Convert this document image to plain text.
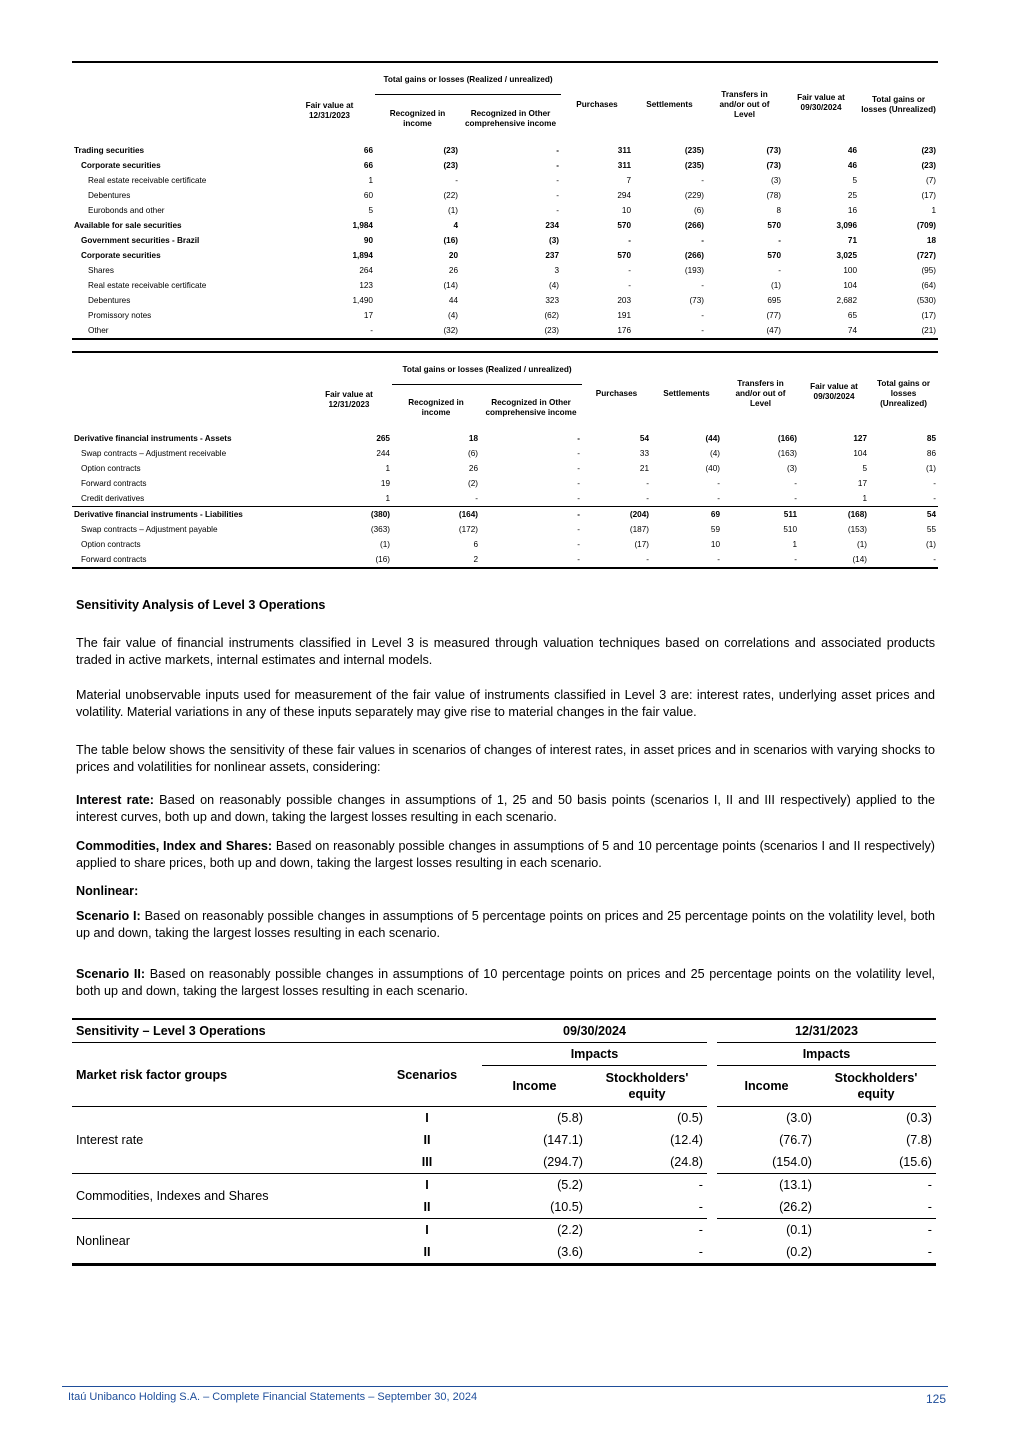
	Fair value at 12/31/2023	Total gains or losses (Realized / unrealized)		Purchases	Settlements	Transfers in and/or out of Level	Fair value at 09/30/2024	Total gains or losses (Unrealized)
		Recognized in income	Recognized in Other comprehensive income					
Trading securities	66	(23)	-	311	(235)	(73)	46	(23)
Corporate securities	66	(23)	-	311	(235)	(73)	46	(23)
Real estate receivable certificate	1	-	-	7	-	(3)	5	(7)
Debentures	60	(22)	-	294	(229)	(78)	25	(17)
Eurobonds and other	5	(1)	-	10	(6)	8	16	1
Available for sale securities	1,984	4	234	570	(266)	570	3,096	(709)
Government securities - Brazil	90	(16)	(3)	-	-	-	71	18
Corporate securities	1,894	20	237	570	(266)	570	3,025	(727)
Shares	264	26	3	-	(193)	-	100	(95)
Real estate receivable certificate	123	(14)	(4)	-	-	(1)	104	(64)
Debentures	1,490	44	323	203	(73)	695	2,682	(530)
Promissory notes	17	(4)	(62)	191	-	(77)	65	(17)
Other	-	(32)	(23)	176	-	(47)	74	(21)
	Fair value at 12/31/2023	Total gains or losses (Realized / unrealized)		Purchases	Settlements	Transfers in and/or out of Level	Fair value at 09/30/2024	Total gains or losses (Unrealized)
		Recognized in income	Recognized in Other comprehensive income					
Derivative financial instruments - Assets	265	18	-	54	(44)	(166)	127	85
Swap contracts – Adjustment receivable	244	(6)	-	33	(4)	(163)	104	86
Option contracts	1	26	-	21	(40)	(3)	5	(1)
Forward contracts	19	(2)	-	-	-	-	17	-
Credit derivatives	1	-	-	-	-	-	1	-
Derivative financial instruments - Liabilities	(380)	(164)	-	(204)	69	511	(168)	54
Swap contracts – Adjustment payable	(363)	(172)	-	(187)	59	510	(153)	55
Option contracts	(1)	6	-	(17)	10	1	(1)	(1)
Forward contracts	(16)	2	-	-	-	-	(14)	-

Sensitivity Analysis of Level 3 Operations

The fair value of financial instruments classified in Level 3 is measured through valuation techniques based on correlations and associated products traded in active markets, internal estimates and internal models.

Material unobservable inputs used for measurement of the fair value of instruments classified in Level 3 are: interest rates, underlying asset prices and volatility. Material variations in any of these inputs separately may give rise to material changes in the fair value.

The table below shows the sensitivity of these fair values in scenarios of changes of interest rates, in asset prices and in scenarios with varying shocks to prices and volatilities for nonlinear assets, considering:

Interest rate: Based on reasonably possible changes in assumptions of 1, 25 and 50 basis points (scenarios I, II and III respectively) applied to the interest curves, both up and down, taking the largest losses resulting in each scenario.

Commodities, Index and Shares: Based on reasonably possible changes in assumptions of 5 and 10 percentage points (scenarios I and II respectively) applied to share prices, both up and down, taking the largest losses resulting in each scenario.

Nonlinear:

Scenario I: Based on reasonably possible changes in assumptions of 5 percentage points on prices and 25 percentage points on the volatility level, both up and down, taking the largest losses resulting in each scenario.

Scenario II: Based on reasonably possible changes in assumptions of 10 percentage points on prices and 25 percentage points on the volatility level, both up and down, taking the largest losses resulting in each scenario.

Sensitivity – Level 3 Operations		09/30/2024			12/31/2023	
Market risk factor groups	Scenarios	Impacts			Impacts	
		Income	Stockholders' equity		Income	Stockholders' equity
Interest rate	I	(5.8)	(0.5)		(3.0)	(0.3)
	II	(147.1)	(12.4)		(76.7)	(7.8)
	III	(294.7)	(24.8)		(154.0)	(15.6)
Commodities, Indexes and Shares	I	(5.2)	-		(13.1)	-
	II	(10.5)	-		(26.2)	-
Nonlinear	I	(2.2)	-		(0.1)	-
	II	(3.6)	-		(0.2)	-
Itaú Unibanco Holding S.A. – Complete Financial Statements – September 30, 2024	125
